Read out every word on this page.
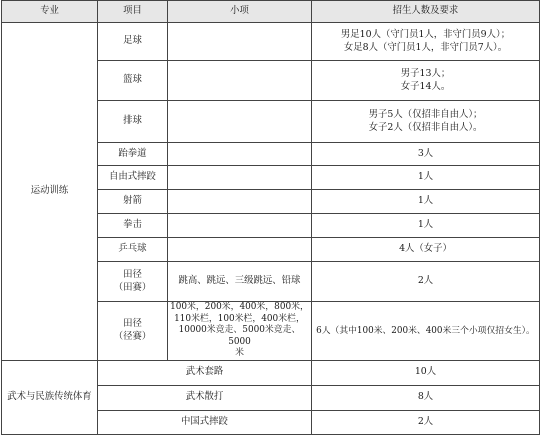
专业	项目	小项	招生人数及要求
运动训练	足球		男足10人（守门员1人，非守门员9人）；
女足8人（守门员1人，非守门员7人）。

	篮球		男子13人；
女子14人。

	排球		男子5人（仅招非自由人）；
女子2人（仅招非自由人）。

	跆拳道		3人

	自由式摔跤		1人

	射箭		1人

	拳击		1人

	乒乓球		4人（女子）

	田径
（田赛）	跳高、跳远、三级跳远、铅球	2人

	田径
（径赛）	100米，200米，400米，800米，
110米栏，100米栏，400米栏，
10000米竞走、5000米竞走、5000
米	6人（其中100米、200米、400米三个小项仅招女生）。

武术与民族传统体育	武术套路		10人

	武术散打		8人

	中国式摔跤		2人
